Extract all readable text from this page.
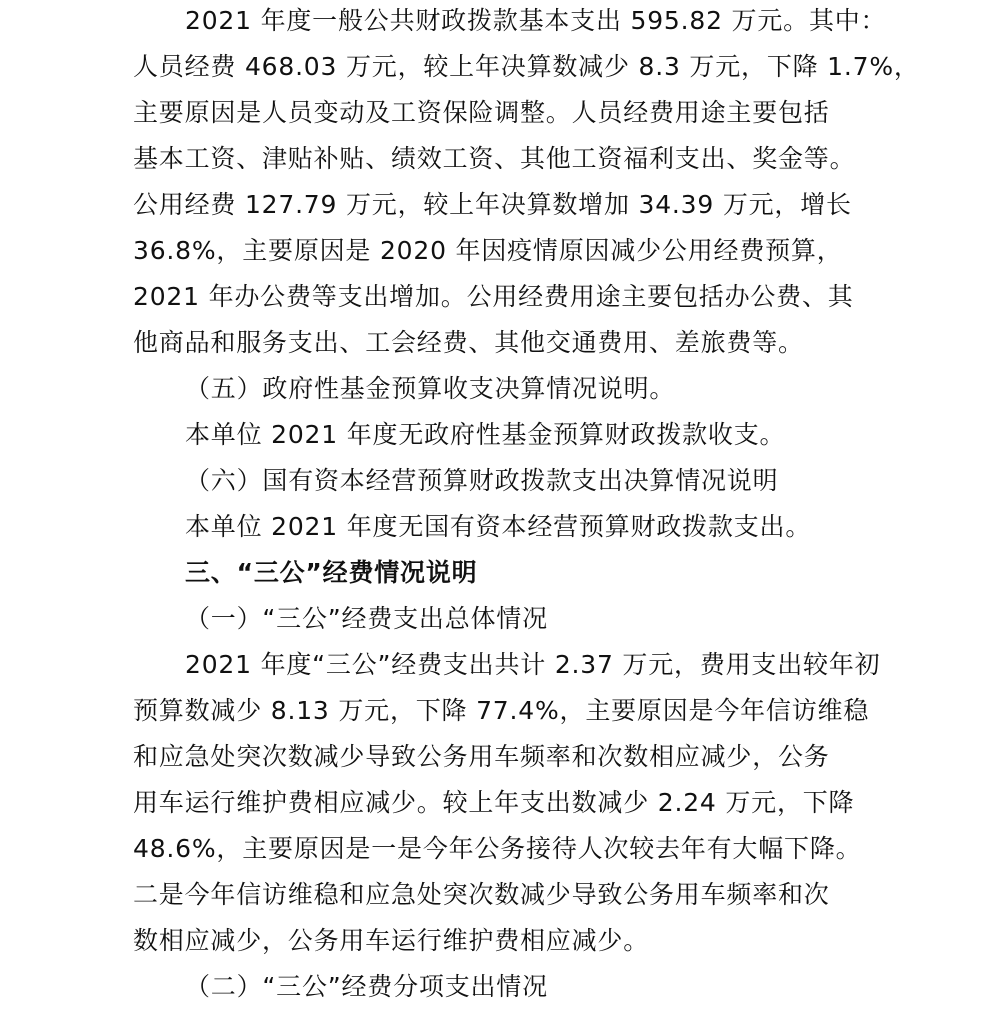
2021 年度一般公共财政拨款基本支出 595.82 万元。其中：
人员经费 468.03 万元，较上年决算数减少 8.3 万元，下降 1.7%，
主要原因是人员变动及工资保险调整。人员经费用途主要包括
基本工资、津贴补贴、绩效工资、其他工资福利支出、奖金等。
公用经费 127.79 万元，较上年决算数增加 34.39 万元，增长
36.8%，主要原因是 2020 年因疫情原因减少公用经费预算，
2021 年办公费等支出增加。公用经费用途主要包括办公费、其
他商品和服务支出、工会经费、其他交通费用、差旅费等。
（五）政府性基金预算收支决算情况说明。
本单位 2021 年度无政府性基金预算财政拨款收支。
（六）国有资本经营预算财政拨款支出决算情况说明
本单位 2021 年度无国有资本经营预算财政拨款支出。
三、“三公”经费情况说明
（一）“三公”经费支出总体情况
2021 年度“三公”经费支出共计 2.37 万元，费用支出较年初
预算数减少 8.13 万元，下降 77.4%，主要原因是今年信访维稳
和应急处突次数减少导致公务用车频率和次数相应减少，公务
用车运行维护费相应减少。较上年支出数减少 2.24 万元，下降
48.6%，主要原因是一是今年公务接待人次较去年有大幅下降。
二是今年信访维稳和应急处突次数减少导致公务用车频率和次
数相应减少，公务用车运行维护费相应减少。
（二）“三公”经费分项支出情况
